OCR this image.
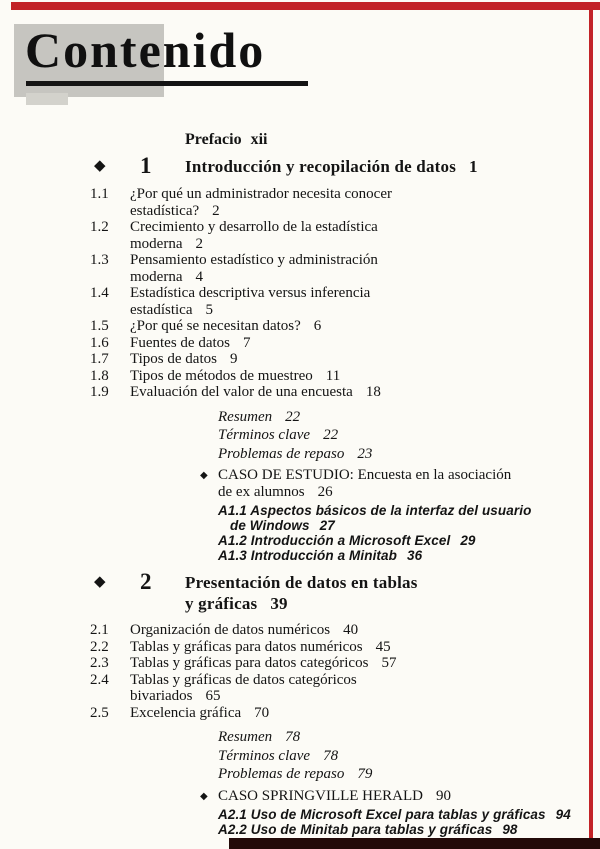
Contenido

Prefacio xii

◆
1	Introducción y recopilación de datos 1
1.1	¿Por qué un administrador necesita conocer estadística? 2
1.2	Crecimiento y desarrollo de la estadística moderna 2
1.3	Pensamiento estadístico y administración moderna 4
1.4	Estadística descriptiva versus inferencia estadística 5
1.5	¿Por qué se necesitan datos? 6
1.6	Fuentes de datos 7
1.7	Tipos de datos 9
1.8	Tipos de métodos de muestreo 11
1.9	Evaluación del valor de una encuesta 18
Resumen 22
Términos clave 22
Problemas de repaso 23
◆
CASO DE ESTUDIO: Encuesta en la asociación
de ex alumnos 26

A1.1 Aspectos básicos de la interfaz del usuario
de Windows 27

A1.2 Introducción a Microsoft Excel 29

A1.3 Introducción a Minitab 36

◆
2	Presentación de datos en tablas
y gráficas 39
2.1	Organización de datos numéricos 40
2.2	Tablas y gráficas para datos numéricos 45
2.3	Tablas y gráficas para datos categóricos 57
2.4	Tablas y gráficas de datos categóricos bivariados 65
2.5	Excelencia gráfica 70
Resumen 78
Términos clave 78
Problemas de repaso 79
◆
CASO SPRINGVILLE HERALD 90

A2.1 Uso de Microsoft Excel para tablas y gráficas 94

A2.2 Uso de Minitab para tablas y gráficas 98
